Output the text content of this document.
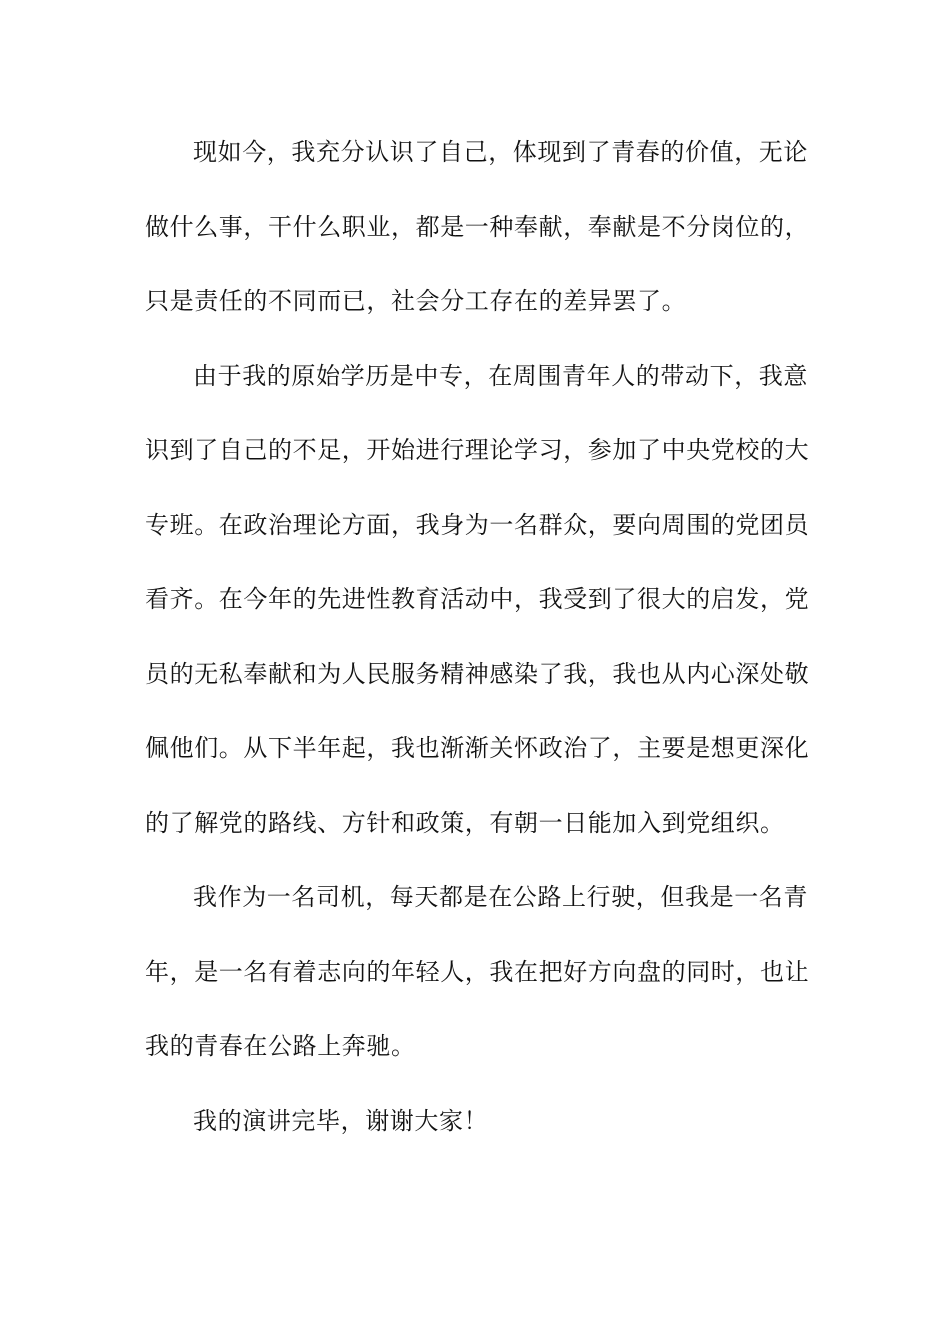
现如今，我充分认识了自己，体现到了青春的价值，无论
做什么事，干什么职业，都是一种奉献，奉献是不分岗位的，
只是责任的不同而已，社会分工存在的差异罢了。
由于我的原始学历是中专，在周围青年人的带动下，我意
识到了自己的不足，开始进行理论学习，参加了中央党校的大
专班。在政治理论方面，我身为一名群众，要向周围的党团员
看齐。在今年的先进性教育活动中，我受到了很大的启发，党
员的无私奉献和为人民服务精神感染了我，我也从内心深处敬
佩他们。从下半年起，我也渐渐关怀政治了，主要是想更深化
的了解党的路线、方针和政策，有朝一日能加入到党组织。
我作为一名司机，每天都是在公路上行驶，但我是一名青
年，是一名有着志向的年轻人，我在把好方向盘的同时，也让
我的青春在公路上奔驰。
我的演讲完毕，谢谢大家！
